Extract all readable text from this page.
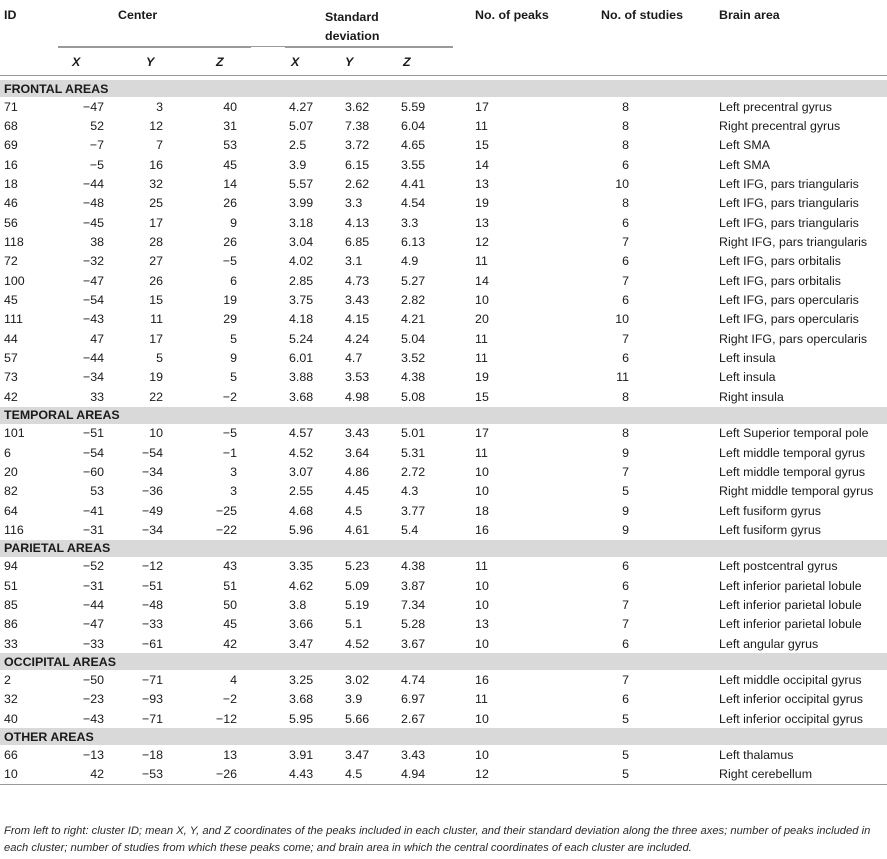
ID	Center			Standard
deviation			No. of peaks	No. of studies	Brain area

	X	Y	Z	X	Y	Z			

FRONTAL AREAS									
71	−47	3	40	4.27	3.62	5.59	17	8	Left precentral gyrus
68	52	12	31	5.07	7.38	6.04	11	8	Right precentral gyrus
69	−7	7	53	2.5	3.72	4.65	15	8	Left SMA
16	−5	16	45	3.9	6.15	3.55	14	6	Left SMA
18	−44	32	14	5.57	2.62	4.41	13	10	Left IFG, pars triangularis
46	−48	25	26	3.99	3.3	4.54	19	8	Left IFG, pars triangularis
56	−45	17	9	3.18	4.13	3.3	13	6	Left IFG, pars triangularis
118	38	28	26	3.04	6.85	6.13	12	7	Right IFG, pars triangularis
72	−32	27	−5	4.02	3.1	4.9	11	6	Left IFG, pars orbitalis
100	−47	26	6	2.85	4.73	5.27	14	7	Left IFG, pars orbitalis
45	−54	15	19	3.75	3.43	2.82	10	6	Left IFG, pars opercularis
111	−43	11	29	4.18	4.15	4.21	20	10	Left IFG, pars opercularis
44	47	17	5	5.24	4.24	5.04	11	7	Right IFG, pars opercularis
57	−44	5	9	6.01	4.7	3.52	11	6	Left insula
73	−34	19	5	3.88	3.53	4.38	19	11	Left insula
42	33	22	−2	3.68	4.98	5.08	15	8	Right insula
TEMPORAL AREAS									
101	−51	10	−5	4.57	3.43	5.01	17	8	Left Superior temporal pole
6	−54	−54	−1	4.52	3.64	5.31	11	9	Left middle temporal gyrus
20	−60	−34	3	3.07	4.86	2.72	10	7	Left middle temporal gyrus
82	53	−36	3	2.55	4.45	4.3	10	5	Right middle temporal gyrus
64	−41	−49	−25	4.68	4.5	3.77	18	9	Left fusiform gyrus
116	−31	−34	−22	5.96	4.61	5.4	16	9	Left fusiform gyrus
PARIETAL AREAS									
94	−52	−12	43	3.35	5.23	4.38	11	6	Left postcentral gyrus
51	−31	−51	51	4.62	5.09	3.87	10	6	Left inferior parietal lobule
85	−44	−48	50	3.8	5.19	7.34	10	7	Left inferior parietal lobule
86	−47	−33	45	3.66	5.1	5.28	13	7	Left inferior parietal lobule
33	−33	−61	42	3.47	4.52	3.67	10	6	Left angular gyrus
OCCIPITAL AREAS									
2	−50	−71	4	3.25	3.02	4.74	16	7	Left middle occipital gyrus
32	−23	−93	−2	3.68	3.9	6.97	11	6	Left inferior occipital gyrus
40	−43	−71	−12	5.95	5.66	2.67	10	5	Left inferior occipital gyrus
OTHER AREAS									
66	−13	−18	13	3.91	3.47	3.43	10	5	Left thalamus
10	42	−53	−26	4.43	4.5	4.94	12	5	Right cerebellum

From left to right: cluster ID; mean X, Y, and Z coordinates of the peaks included in each cluster, and their standard deviation along the three axes; number of peaks included in each cluster; number of studies from which these peaks come; and brain area in which the central coordinates of each cluster are included.
